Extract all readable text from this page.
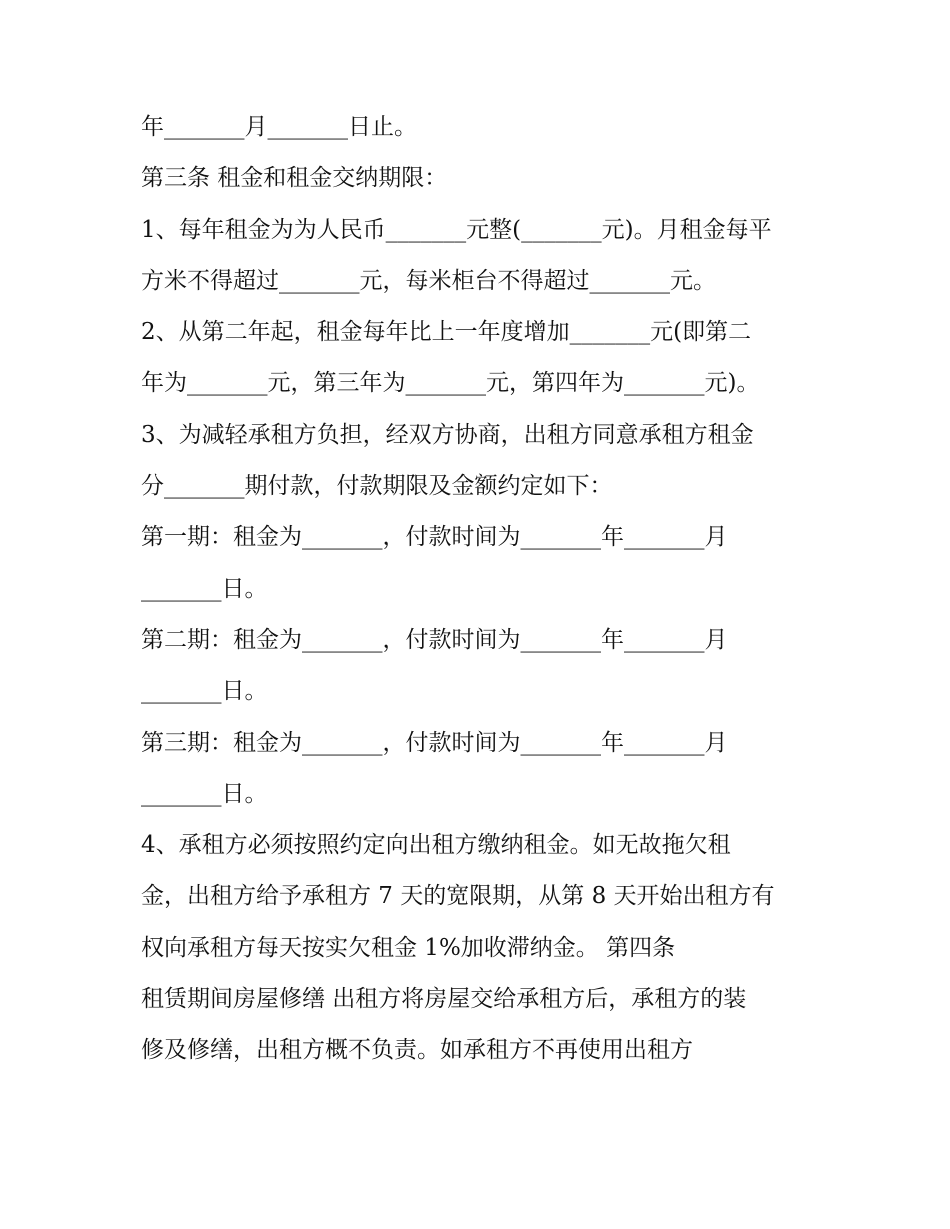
年_______月_______日止。

第三条 租金和租金交纳期限：

1、每年租金为为人民币_______元整(_______元)。月租金每平

方米不得超过_______元，每米柜台不得超过_______元。

2、从第二年起，租金每年比上一年度增加_______元(即第二

年为_______元，第三年为_______元，第四年为_______元)。

3、为减轻承租方负担，经双方协商，出租方同意承租方租金

分_______期付款，付款期限及金额约定如下：

第一期：租金为_______，付款时间为_______年_______月

_______日。

第二期：租金为_______，付款时间为_______年_______月

_______日。

第三期：租金为_______，付款时间为_______年_______月

_______日。

4、承租方必须按照约定向出租方缴纳租金。如无故拖欠租

金，出租方给予承租方 7 天的宽限期，从第 8 天开始出租方有

权向承租方每天按实欠租金 1%加收滞纳金。 第四条

租赁期间房屋修缮 出租方将房屋交给承租方后，承租方的装

修及修缮，出租方概不负责。如承租方不再使用出租方
